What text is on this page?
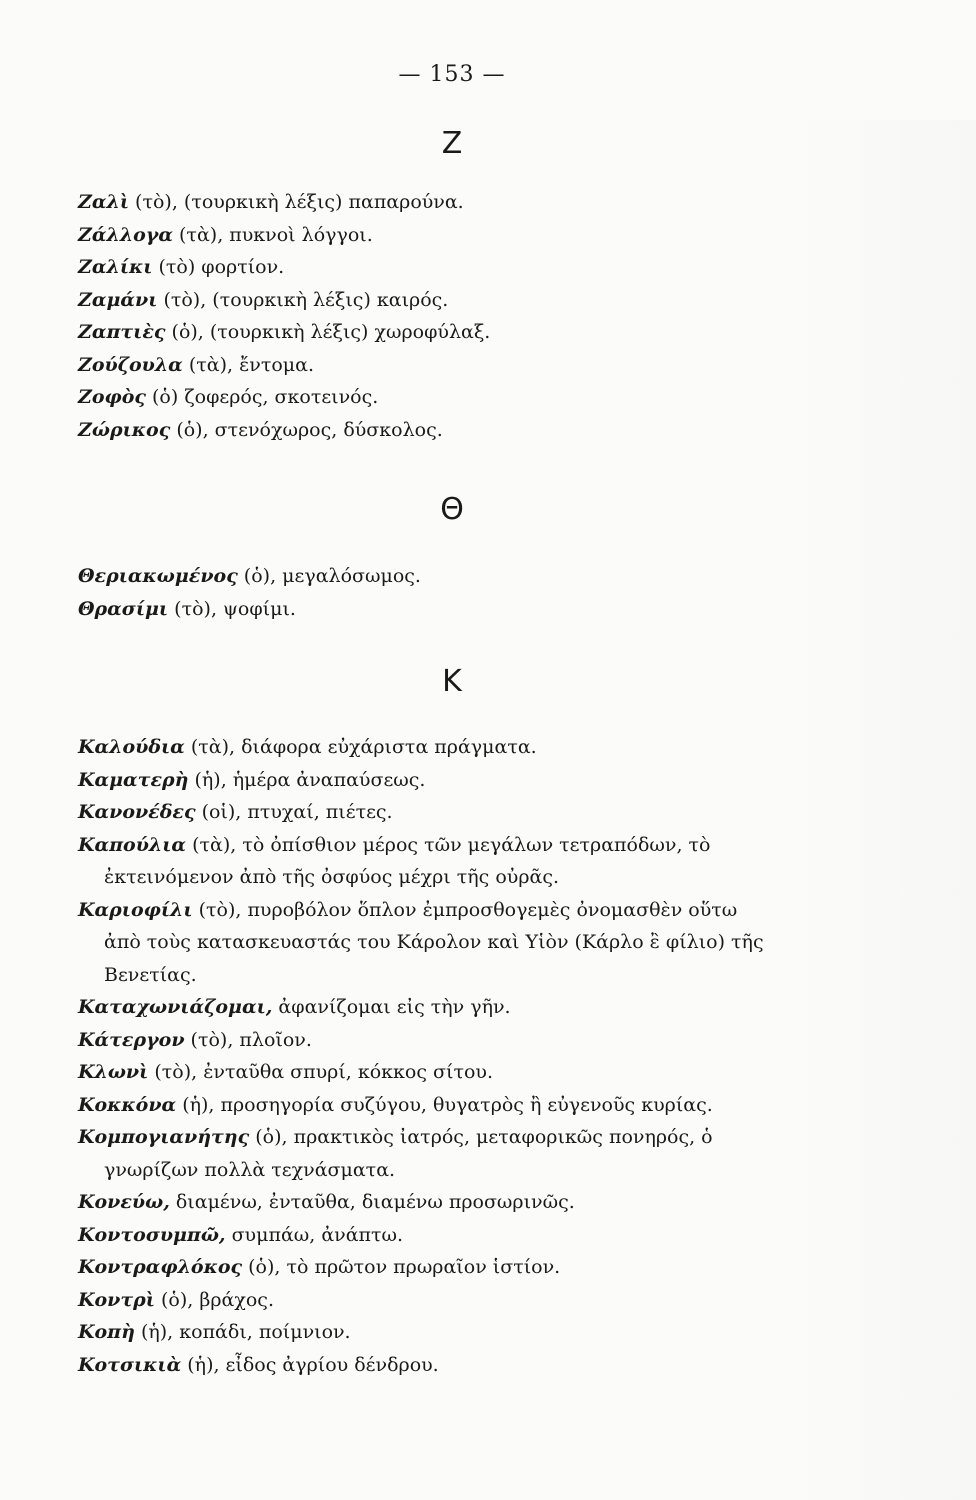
— 153 —
Z
Ζαλὶ (τὸ), (τουρκικὴ λέξις) παπαρούνα.
Ζάλλογα (τὰ), πυκνοὶ λόγγοι.
Ζαλίκι (τὸ) φορτίον.
Ζαμάνι (τὸ), (τουρκικὴ λέξις) καιρός.
Ζαπτιὲς (ὁ), (τουρκικὴ λέξις) χωροφύλαξ.
Ζούζουλα (τὰ), ἔντομα.
Ζοφὸς (ὁ) ζοφερός, σκοτεινός.
Ζώρικος (ὁ), στενόχωρος, δύσκολος.
Θ
Θεριακωμένος (ὁ), μεγαλόσωμος.
Θρασίμι (τὸ), ψοφίμι.
Κ
Καλούδια (τὰ), διάφορα εὐχάριστα πράγματα.
Καματερὴ (ἡ), ἡμέρα ἀναπαύσεως.
Κανονέδες (οἱ), πτυχαί, πιέτες.
Καπούλια (τὰ), τὸ ὀπίσθιον μέρος τῶν μεγάλων τετραπόδων, τὸ
ἐκτεινόμενον ἀπὸ τῆς ὀσφύος μέχρι τῆς οὐρᾶς.
Καριοφίλι (τὸ), πυροβόλον ὅπλον ἐμπροσθογεμὲς ὀνομασθὲν οὕτω
ἀπὸ τοὺς κατασκευαστάς του Κάρολον καὶ Υἱὸν (Κάρλο ἒ φίλιο) τῆς Βενετίας.
Καταχωνιάζομαι, ἀφανίζομαι εἰς τὴν γῆν.
Κάτεργον (τὸ), πλοῖον.
Κλωνὶ (τὸ), ἐνταῦθα σπυρί, κόκκος σίτου.
Κοκκόνα (ἡ), προσηγορία συζύγου, θυγατρὸς ἢ εὐγενοῦς κυρίας.
Κομπογιανήτης (ὁ), πρακτικὸς ἰατρός, μεταφορικῶς πονηρός, ὁ
γνωρίζων πολλὰ τεχνάσματα.
Κονεύω, διαμένω, ἐνταῦθα, διαμένω προσωρινῶς.
Κοντοσυμπῶ, συμπάω, ἀνάπτω.
Κοντραφλόκος (ὁ), τὸ πρῶτον πρωραῖον ἱστίον.
Κοντρὶ (ὁ), βράχος.
Κοπὴ (ἡ), κοπάδι, ποίμνιον.
Κοτσικιὰ (ἡ), εἶδος ἀγρίου δένδρου.
